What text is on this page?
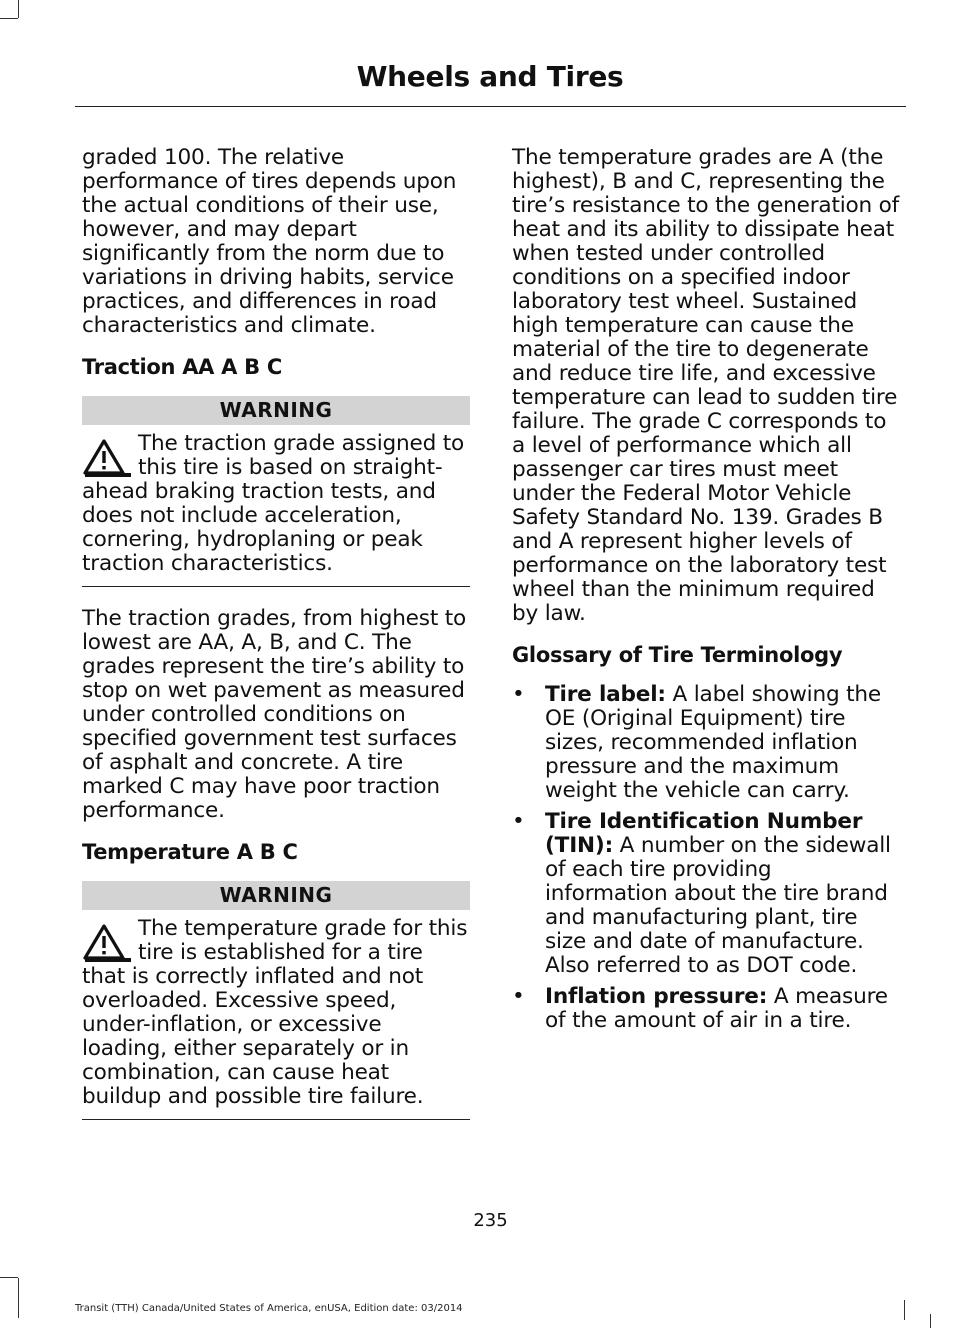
Wheels and Tires

graded 100. The relative performance of tires depends upon the actual conditions of their use, however, and may depart significantly from the norm due to variations in driving habits, service practices, and differences in road characteristics and climate.

Traction AA A B C
WARNING
The traction grade assigned to this tire is based on straight-ahead braking traction tests, and does not include acceleration, cornering, hydroplaning or peak traction characteristics.

The traction grades, from highest to lowest are AA, A, B, and C. The grades represent the tire’s ability to stop on wet pavement as measured under controlled conditions on specified government test surfaces of asphalt and concrete. A tire marked C may have poor traction performance.

Temperature A B C
WARNING
The temperature grade for this tire is established for a tire that is correctly inflated and not overloaded. Excessive speed, under-inflation, or excessive loading, either separately or in combination, can cause heat buildup and possible tire failure.

The temperature grades are A (the highest), B and C, representing the tire’s resistance to the generation of heat and its ability to dissipate heat when tested under controlled conditions on a specified indoor laboratory test wheel. Sustained high temperature can cause the material of the tire to degenerate and reduce tire life, and excessive temperature can lead to sudden tire failure. The grade C corresponds to a level of performance which all passenger car tires must meet under the Federal Motor Vehicle Safety Standard No. 139. Grades B and A represent higher levels of performance on the laboratory test wheel than the minimum required by law.

Glossary of Tire Terminology
• Tire label: A label showing the OE (Original Equipment) tire sizes, recommended inflation pressure and the maximum weight the vehicle can carry.
• Tire Identification Number (TIN): A number on the sidewall of each tire providing information about the tire brand and manufacturing plant, tire size and date of manufacture. Also referred to as DOT code.
• Inflation pressure: A measure of the amount of air in a tire.
235
Transit (TTH) Canada/United States of America, enUSA, Edition date: 03/2014
